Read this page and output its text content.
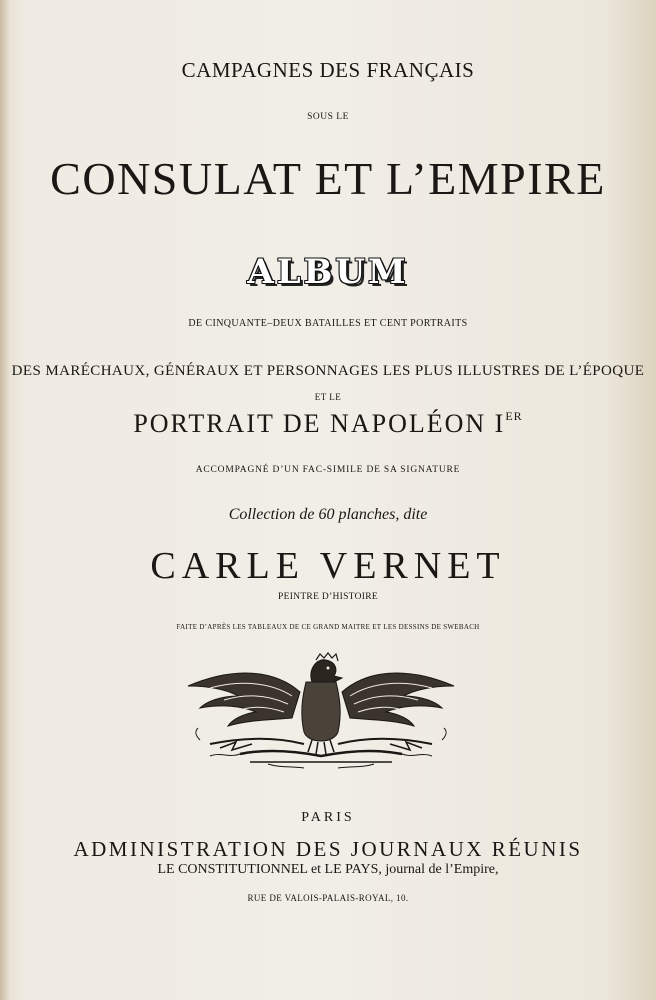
CAMPAGNES DES FRANÇAIS
SOUS LE
CONSULAT ET L’EMPIRE
ALBUM
DE CINQUANTE–DEUX BATAILLES ET CENT PORTRAITS
DES MARÉCHAUX, GÉNÉRAUX ET PERSONNAGES LES PLUS ILLUSTRES DE L’ÉPOQUE
ET LE
PORTRAIT DE NAPOLÉON IER
ACCOMPAGNÉ D’UN FAC-SIMILE DE SA SIGNATURE
Collection de 60 planches, dite
CARLE VERNET
PEINTRE D’HISTOIRE
FAITE D’APRÈS LES TABLEAUX DE CE GRAND MAITRE ET LES DESSINS DE SWEBACH
PARIS
ADMINISTRATION DES JOURNAUX RÉUNIS
LE CONSTITUTIONNEL et LE PAYS, journal de l’Empire,
RUE DE VALOIS-PALAIS-ROYAL, 10.
